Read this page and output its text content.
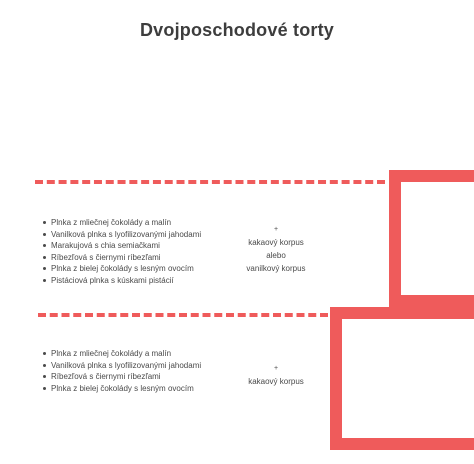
Dvojposchodové torty
Plnka z mliečnej čokolády a malín
Vanilková plnka s lyofilizovanými jahodami
Marakujová s chia semiačkami
Ríbezľová s čiernymi ríbezľami
Plnka z bielej čokolády s lesným ovocím
Pistáciová plnka s kúskami pistácií
+
kakaový korpus
alebo
vanilkový korpus
Plnka z mliečnej čokolády a malín
Vanilková plnka s lyofilizovanými jahodami
Ríbezľová s čiernymi ríbezľami
Plnka z bielej čokolády s lesným ovocím
+
kakaový korpus
